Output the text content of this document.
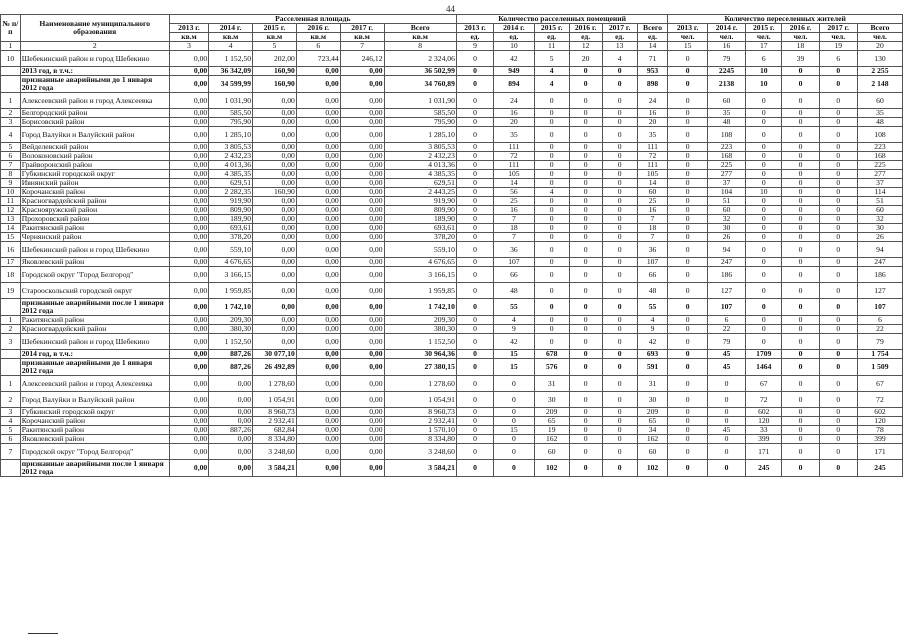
44
№ п/п	Наименование муниципального образования	Расселенная площадь						Количество расселенных помещений						Количество переселенных жителей					
		2013 г.	2014 г.	2015 г.	2016 г.	2017 г.	Всего	2013 г.	2014 г.	2015 г.	2016 г.	2017 г.	Всего	2013 г.	2014 г.	2015 г.	2016 г.	2017 г.	Всего
		кв.м	кв.м	кв.м	кв.м	кв.м	кв.м	ед.	ед.	ед.	ед.	ед.	ед.	чел.	чел.	чел.	чел.	чел.	чел.
1	2	3	4	5	6	7	8	9	10	11	12	13	14	15	16	17	18	19	20
10	Шебекинский район и город Шебекино	0,00	1 152,50	202,00	723,44	246,12	2 324,06	0	42	5	20	4	71	0	79	6	39	6	130
	2013 год, в т.ч.:	0,00	36 342,09	160,90	0,00	0,00	36 502,99	0	949	4	0	0	953	0	2245	10	0	0	2 255
	признанные аварийными до 1 января 2012 года	0,00	34 599,99	160,90	0,00	0,00	34 760,89	0	894	4	0	0	898	0	2138	10	0	0	2 148
1	Алексеевский район и город Алексеевка	0,00	1 031,90	0,00	0,00	0,00	1 031,90	0	24	0	0	0	24	0	60	0	0	0	60
2	Белгородский район	0,00	585,50	0,00	0,00	0,00	585,50	0	16	0	0	0	16	0	35	0	0	0	35
3	Борисовский район	0,00	795,90	0,00	0,00	0,00	795,90	0	20	0	0	0	20	0	48	0	0	0	48
4	Город Валуйки и Валуйский район	0,00	1 285,10	0,00	0,00	0,00	1 285,10	0	35	0	0	0	35	0	108	0	0	0	108
5	Вейделевский район	0,00	3 805,53	0,00	0,00	0,00	3 805,53	0	111	0	0	0	111	0	223	0	0	0	223
6	Волоконовский район	0,00	2 432,23	0,00	0,00	0,00	2 432,23	0	72	0	0	0	72	0	168	0	0	0	168
7	Грайворонский район	0,00	4 013,36	0,00	0,00	0,00	4 013,36	0	111	0	0	0	111	0	225	0	0	0	225
8	Губкинский городской округ	0,00	4 385,35	0,00	0,00	0,00	4 385,35	0	105	0	0	0	105	0	277	0	0	0	277
9	Ивнянский район	0,00	629,51	0,00	0,00	0,00	629,51	0	14	0	0	0	14	0	37	0	0	0	37
10	Корочанский район	0,00	2 282,35	160,90	0,00	0,00	2 443,25	0	56	4	0	0	60	0	104	10	0	0	114
11	Красногвардейский район	0,00	919,90	0,00	0,00	0,00	919,90	0	25	0	0	0	25	0	51	0	0	0	51
12	Краснояружский район	0,00	809,90	0,00	0,00	0,00	809,90	0	16	0	0	0	16	0	60	0	0	0	60
13	Прохоровский район	0,00	189,90	0,00	0,00	0,00	189,90	0	7	0	0	0	7	0	32	0	0	0	32
14	Ракитянский район	0,00	693,61	0,00	0,00	0,00	693,61	0	18	0	0	0	18	0	30	0	0	0	30
15	Чернянский район	0,00	378,20	0,00	0,00	0,00	378,20	0	7	0	0	0	7	0	26	0	0	0	26
16	Шебекинский район и город Шебекино	0,00	559,10	0,00	0,00	0,00	559,10	0	36	0	0	0	36	0	94	0	0	0	94
17	Яковлевский район	0,00	4 676,65	0,00	0,00	0,00	4 676,65	0	107	0	0	0	107	0	247	0	0	0	247
18	Городской округ "Город Белгород"	0,00	3 166,15	0,00	0,00	0,00	3 166,15	0	66	0	0	0	66	0	186	0	0	0	186
19	Старооскольский городской округ	0,00	1 959,85	0,00	0,00	0,00	1 959,85	0	48	0	0	0	48	0	127	0	0	0	127
	признанные аварийными после 1 января 2012 года	0,00	1 742,10	0,00	0,00	0,00	1 742,10	0	55	0	0	0	55	0	107	0	0	0	107
1	Ракитянский район	0,00	209,30	0,00	0,00	0,00	209,30	0	4	0	0	0	4	0	6	0	0	0	6
2	Красногвардейский район	0,00	380,30	0,00	0,00	0,00	380,30	0	9	0	0	0	9	0	22	0	0	0	22
3	Шебекинский район и город Шебекино	0,00	1 152,50	0,00	0,00	0,00	1 152,50	0	42	0	0	0	42	0	79	0	0	0	79
	2014 год, в т.ч.:	0,00	887,26	30 077,10	0,00	0,00	30 964,36	0	15	678	0	0	693	0	45	1709	0	0	1 754
	признанные аварийными до 1 января 2012 года	0,00	887,26	26 492,89	0,00	0,00	27 380,15	0	15	576	0	0	591	0	45	1464	0	0	1 509
1	Алексеевский район и город Алексеевка	0,00	0,00	1 278,60	0,00	0,00	1 278,60	0	0	31	0	0	31	0	0	67	0	0	67
2	Город Валуйки и Валуйский район	0,00	0,00	1 054,91	0,00	0,00	1 054,91	0	0	30	0	0	30	0	0	72	0	0	72
3	Губкинский городской округ	0,00	0,00	8 960,73	0,00	0,00	8 960,73	0	0	209	0	0	209	0	0	602	0	0	602
4	Корочанский район	0,00	0,00	2 932,41	0,00	0,00	2 932,41	0	0	65	0	0	65	0	0	120	0	0	120
5	Ракитянский район	0,00	887,26	682,84	0,00	0,00	1 570,10	0	15	19	0	0	34	0	45	33	0	0	78
6	Яковлевский район	0,00	0,00	8 334,80	0,00	0,00	8 334,80	0	0	162	0	0	162	0	0	399	0	0	399
7	Городской округ "Город Белгород"	0,00	0,00	3 248,60	0,00	0,00	3 248,60	0	0	60	0	0	60	0	0	171	0	0	171
	признанные аварийными после 1 января 2012 года	0,00	0,00	3 584,21	0,00	0,00	3 584,21	0	0	102	0	0	102	0	0	245	0	0	245
